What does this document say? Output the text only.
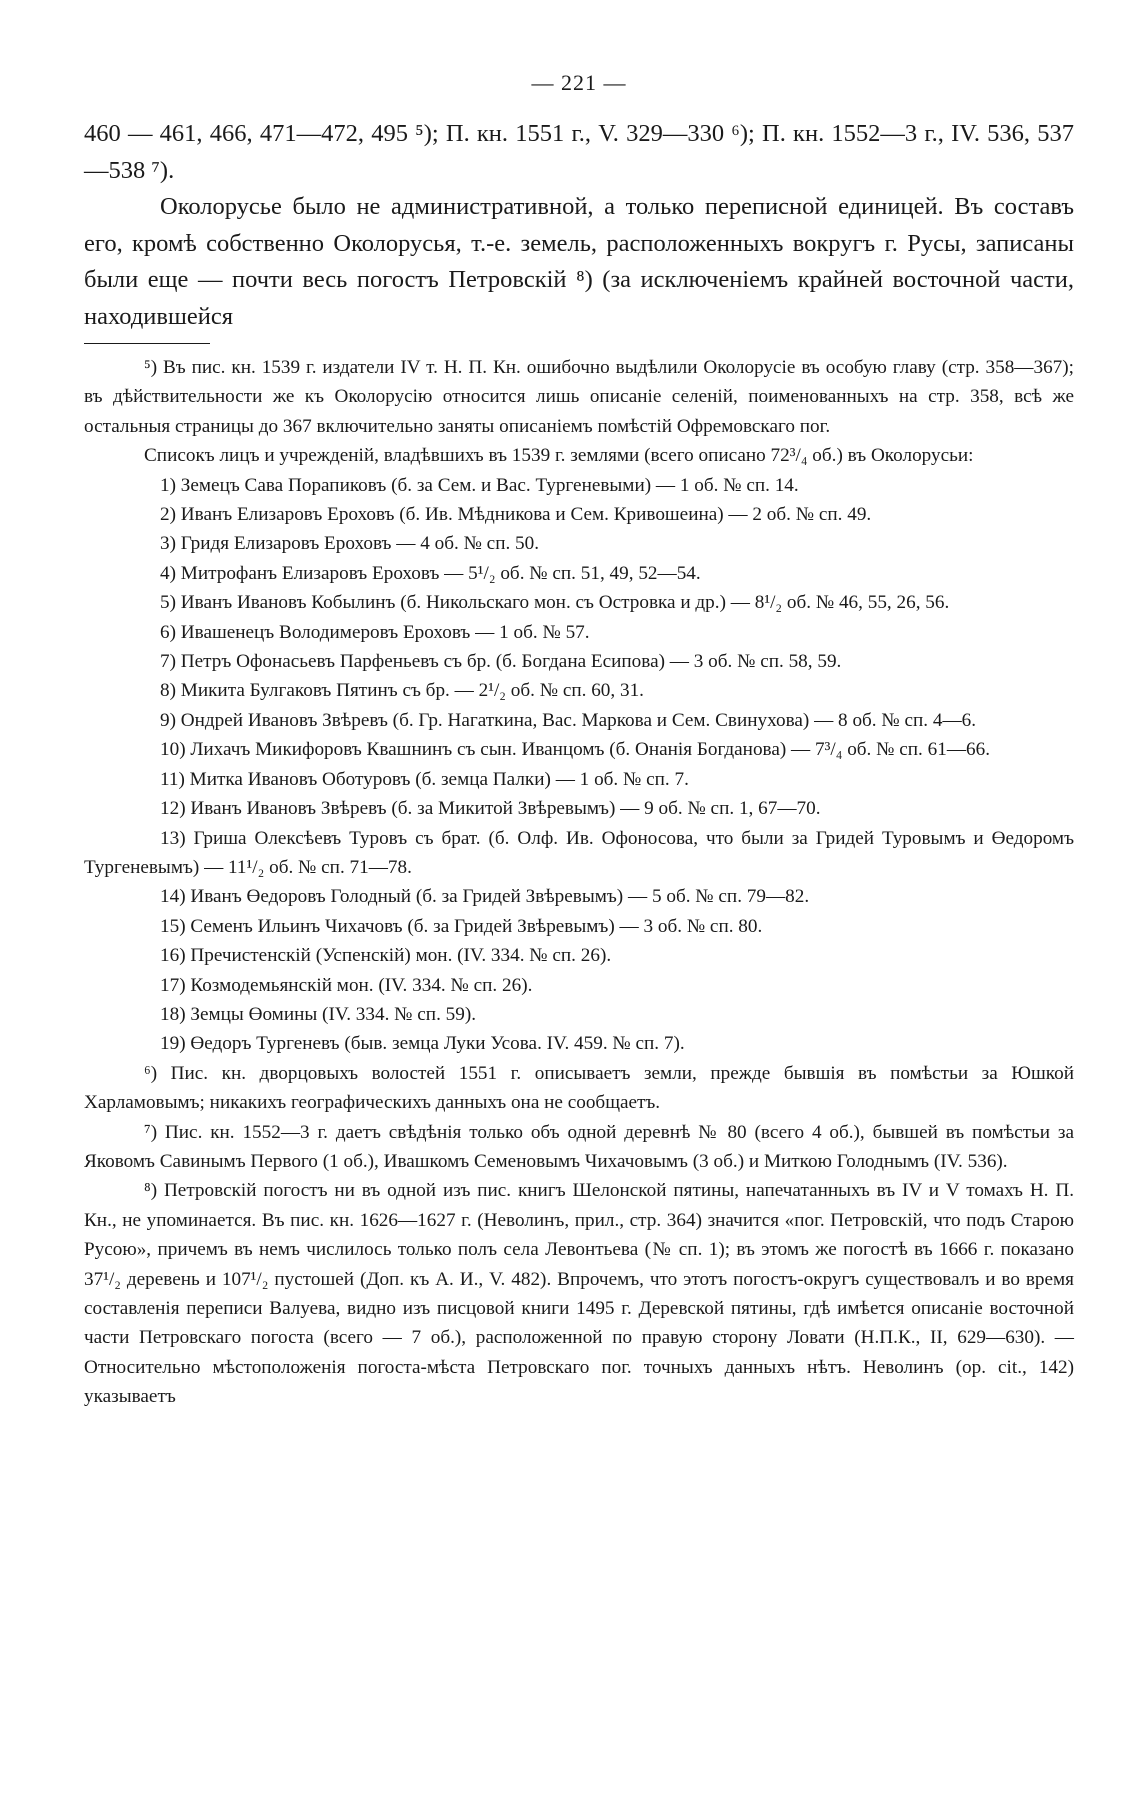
— 221 —

460 — 461, 466, 471—472, 495 ⁵); П. кн. 1551 г., V. 329—330 ⁶); П. кн. 1552—3 г., IV. 536, 537—538 ⁷).

Околорусье было не административной, а только переписной единицей. Въ составъ его, кромѣ собственно Околорусья, т.-е. земель, расположенныхъ вокругъ г. Русы, записаны были еще — почти весь погостъ Петровскій ⁸) (за исключеніемъ крайней восточной части, находившейся

⁵) Въ пис. кн. 1539 г. издатели IV т. Н. П. Кн. ошибочно выдѣлили Околорусіе въ особую главу (стр. 358—367); въ дѣйствительности же къ Околорусію относится лишь описаніе селеній, поименованныхъ на стр. 358, всѣ же остальныя страницы до 367 включительно заняты описаніемъ помѣстій Офремовскаго пог.

Списокъ лицъ и учрежденій, владѣвшихъ въ 1539 г. землями (всего описано 72³/₄ об.) въ Околорусьи:

1) Земецъ Сава Порапиковъ (б. за Сем. и Вас. Тургеневыми) — 1 об. № сп. 14.

2) Иванъ Елизаровъ Ероховъ (б. Ив. Мѣдникова и Сем. Кривошеина) — 2 об. № сп. 49.

3) Гридя Елизаровъ Ероховъ — 4 об. № сп. 50.

4) Митрофанъ Елизаровъ Ероховъ — 5¹/₂ об. № сп. 51, 49, 52—54.

5) Иванъ Ивановъ Кобылинъ (б. Никольскаго мон. съ Островка и др.) — 8¹/₂ об. № 46, 55, 26, 56.

6) Ивашенецъ Володимеровъ Ероховъ — 1 об. № 57.

7) Петръ Офонасьевъ Парфеньевъ съ бр. (б. Богдана Есипова) — 3 об. № сп. 58, 59.

8) Микита Булгаковъ Пятинъ съ бр. — 2¹/₂ об. № сп. 60, 31.

9) Ондрей Ивановъ Звѣревъ (б. Гр. Нагаткина, Вас. Маркова и Сем. Свинухова) — 8 об. № сп. 4—6.

10) Лихачъ Микифоровъ Квашнинъ съ сын. Иванцомъ (б. Онанія Богданова) — 7³/₄ об. № сп. 61—66.

11) Митка Ивановъ Оботуровъ (б. земца Палки) — 1 об. № сп. 7.

12) Иванъ Ивановъ Звѣревъ (б. за Микитой Звѣревымъ) — 9 об. № сп. 1, 67—70.

13) Гриша Олексѣевъ Туровъ съ брат. (б. Олф. Ив. Офоносова, что были за Гридей Туровымъ и Өедоромъ Тургеневымъ) — 11¹/₂ об. № сп. 71—78.

14) Иванъ Өедоровъ Голодный (б. за Гридей Звѣревымъ) — 5 об. № сп. 79—82.

15) Семенъ Ильинъ Чихачовъ (б. за Гридей Звѣревымъ) — 3 об. № сп. 80.

16) Пречистенскій (Успенскій) мон. (IV. 334. № сп. 26).

17) Козмодемьянскій мон. (IV. 334. № сп. 26).

18) Земцы Өомины (IV. 334. № сп. 59).

19) Өедоръ Тургеневъ (быв. земца Луки Усова. IV. 459. № сп. 7).

⁶) Пис. кн. дворцовыхъ волостей 1551 г. описываетъ земли, прежде бывшія въ помѣстьи за Юшкой Харламовымъ; никакихъ географическихъ данныхъ она не сообщаетъ.

⁷) Пис. кн. 1552—3 г. даетъ свѣдѣнія только объ одной деревнѣ № 80 (всего 4 об.), бывшей въ помѣстьи за Яковомъ Савинымъ Первого (1 об.), Ивашкомъ Семеновымъ Чихачовымъ (3 об.) и Миткою Голоднымъ (IV. 536).

⁸) Петровскій погостъ ни въ одной изъ пис. книгъ Шелонской пятины, напечатанныхъ въ IV и V томахъ Н. П. Кн., не упоминается. Въ пис. кн. 1626—1627 г. (Неволинъ, прил., стр. 364) значится «пог. Петровскій, что подъ Старою Русою», причемъ въ немъ числилось только полъ села Левонтьева (№ сп. 1); въ этомъ же погостѣ въ 1666 г. показано 37¹/₂ деревень и 107¹/₂ пустошей (Доп. къ А. И., V. 482). Впрочемъ, что этотъ погостъ-округъ существовалъ и во время составленія переписи Валуева, видно изъ писцовой книги 1495 г. Деревской пятины, гдѣ имѣется описаніе восточной части Петровскаго погоста (всего — 7 об.), расположенной по правую сторону Ловати (Н.П.К., II, 629—630). — Относительно мѣстоположенія погоста-мѣста Петровскаго пог. точныхъ данныхъ нѣтъ. Неволинъ (op. cit., 142) указываетъ
